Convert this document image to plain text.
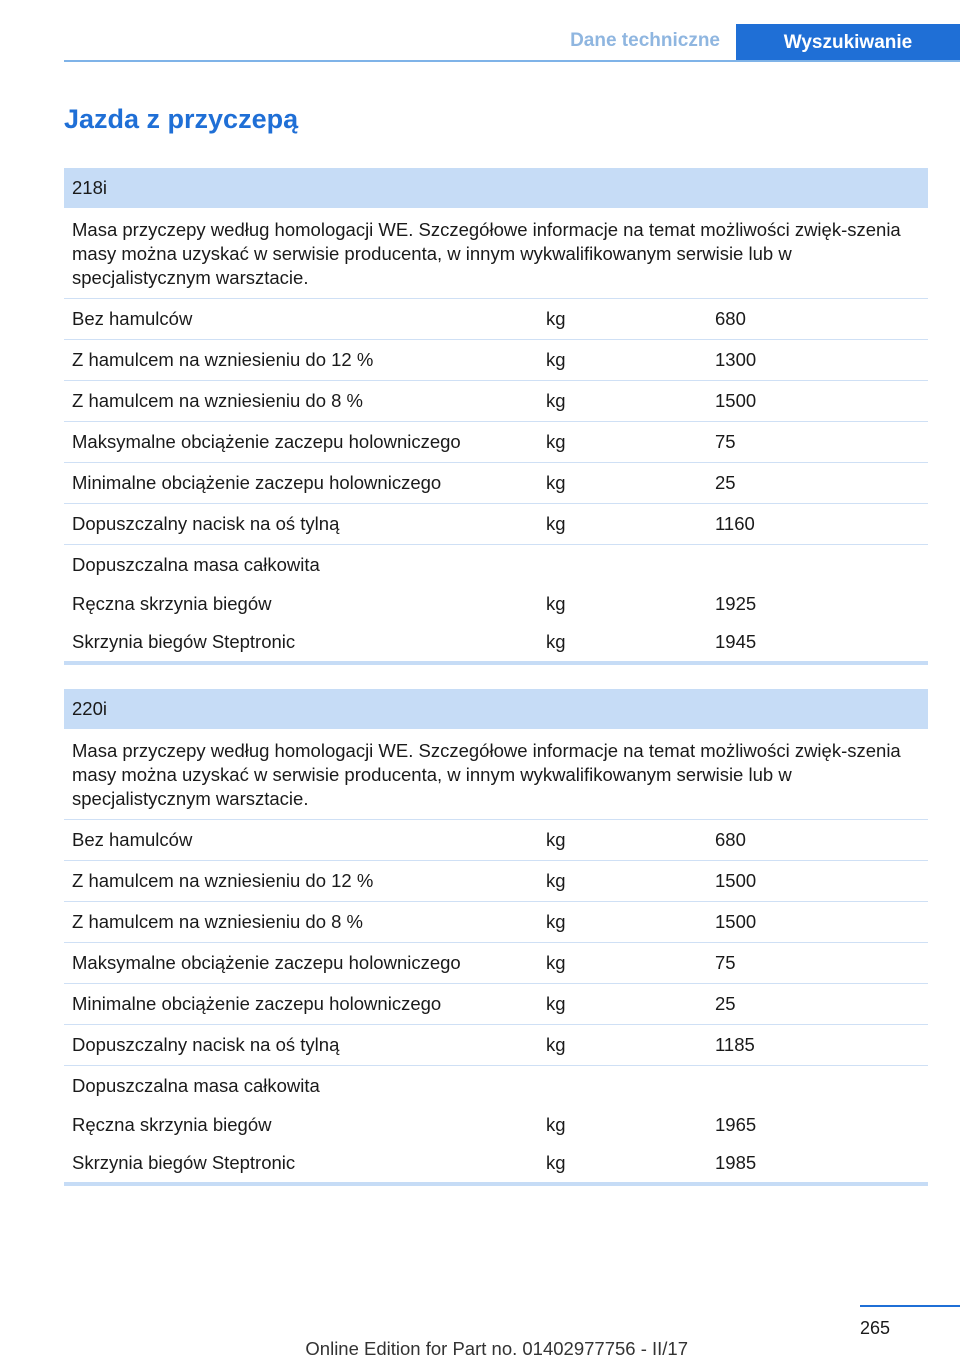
Dane techniczne	Wyszukiwanie
Jazda z przyczepą
218i		
Masa przyczepy według homologacji WE. Szczegółowe informacje na temat możliwości zwięk-szenia masy można uzyskać w serwisie producenta, w innym wykwalifikowanym serwisie lub w specjalistycznym warsztacie.		
Bez hamulców	kg	680
Z hamulcem na wzniesieniu do 12 %	kg	1300
Z hamulcem na wzniesieniu do 8 %	kg	1500
Maksymalne obciążenie zaczepu holowniczego	kg	75
Minimalne obciążenie zaczepu holowniczego	kg	25
Dopuszczalny nacisk na oś tylną	kg	1160
Dopuszczalna masa całkowita		
Ręczna skrzynia biegów	kg	1925
Skrzynia biegów Steptronic	kg	1945
220i		
Masa przyczepy według homologacji WE. Szczegółowe informacje na temat możliwości zwięk-szenia masy można uzyskać w serwisie producenta, w innym wykwalifikowanym serwisie lub w specjalistycznym warsztacie.		
Bez hamulców	kg	680
Z hamulcem na wzniesieniu do 12 %	kg	1500
Z hamulcem na wzniesieniu do 8 %	kg	1500
Maksymalne obciążenie zaczepu holowniczego	kg	75
Minimalne obciążenie zaczepu holowniczego	kg	25
Dopuszczalny nacisk na oś tylną	kg	1185
Dopuszczalna masa całkowita		
Ręczna skrzynia biegów	kg	1965
Skrzynia biegów Steptronic	kg	1985
265
Online Edition for Part no. 01402977756 - II/17
